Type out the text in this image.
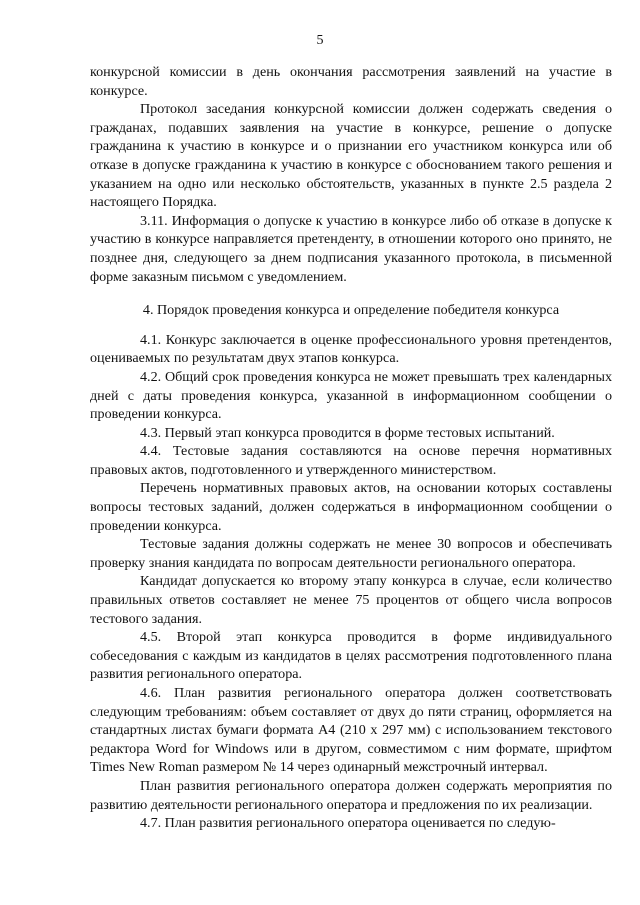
5

конкурсной комиссии в день окончания рассмотрения заявлений на участие в конкурсе.

Протокол заседания конкурсной комиссии должен содержать сведения о гражданах, подавших заявления на участие в конкурсе, решение о допуске гражданина к участию в конкурсе и о признании его участником конкурса или об отказе в допуске гражданина к участию в конкурсе с обоснованием такого решения и указанием на одно или несколько обстоятельств, указанных в пункте 2.5 раздела 2 настоящего Порядка.

3.11. Информация о допуске к участию в конкурсе либо об отказе в допуске к участию в конкурсе направляется претенденту, в отношении которого оно принято, не позднее дня, следующего за днем подписания указанного протокола, в письменной форме заказным письмом с уведомлением.

4. Порядок проведения конкурса и определение победителя конкурса

4.1. Конкурс заключается в оценке профессионального уровня претендентов, оцениваемых по результатам двух этапов конкурса.

4.2. Общий срок проведения конкурса не может превышать трех календарных дней с даты проведения конкурса, указанной в информационном сообщении о проведении конкурса.

4.3. Первый этап конкурса проводится в форме тестовых испытаний.

4.4. Тестовые задания составляются на основе перечня нормативных правовых актов, подготовленного и утвержденного министерством.

Перечень нормативных правовых актов, на основании которых составлены вопросы тестовых заданий, должен содержаться в информационном сообщении о проведении конкурса.

Тестовые задания должны содержать не менее 30 вопросов и обеспечивать проверку знания кандидата по вопросам деятельности регионального оператора.

Кандидат допускается ко второму этапу конкурса в случае, если количество правильных ответов составляет не менее 75 процентов от общего числа вопросов тестового задания.

4.5. Второй этап конкурса проводится в форме индивидуального собеседования с каждым из кандидатов в целях рассмотрения подготовленного плана развития регионального оператора.

4.6. План развития регионального оператора должен соответствовать следующим требованиям: объем составляет от двух до пяти страниц, оформляется на стандартных листах бумаги формата А4 (210 х 297 мм) с использованием текстового редактора Word for Windows или в другом, совместимом с ним формате, шрифтом Times New Roman размером № 14 через одинарный межстрочный интервал.

План развития регионального оператора должен содержать мероприятия по развитию деятельности регионального оператора и предложения по их реализации.

4.7. План развития регионального оператора оценивается по следую-
